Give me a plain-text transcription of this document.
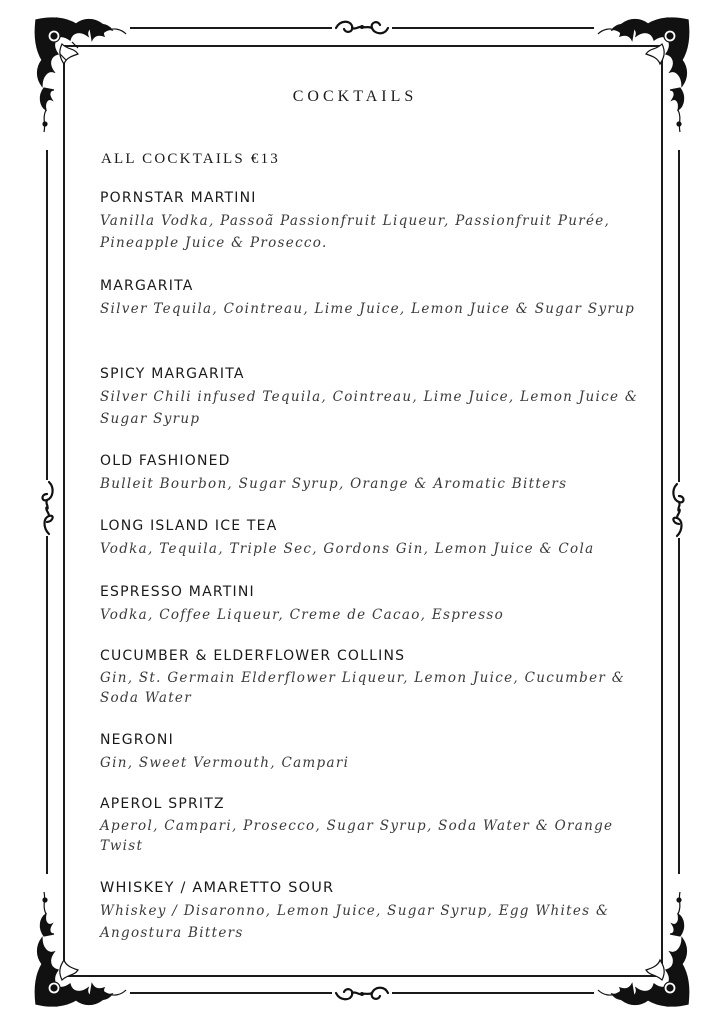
COCKTAILS
ALL COCKTAILS €13
PORNSTAR MARTINI
Vanilla Vodka, Passoã Passionfruit Liqueur, Passionfruit Purée, Pineapple Juice & Prosecco.
MARGARITA
Silver Tequila, Cointreau, Lime Juice, Lemon Juice & Sugar Syrup
SPICY MARGARITA
Silver Chili infused Tequila, Cointreau, Lime Juice, Lemon Juice & Sugar Syrup
OLD FASHIONED
Bulleit Bourbon, Sugar Syrup, Orange & Aromatic Bitters
LONG ISLAND ICE TEA
Vodka, Tequila, Triple Sec, Gordons Gin, Lemon Juice & Cola
ESPRESSO MARTINI
Vodka, Coffee Liqueur, Creme de Cacao, Espresso
CUCUMBER & ELDERFLOWER COLLINS
Gin, St. Germain Elderflower Liqueur, Lemon Juice, Cucumber & Soda Water
NEGRONI
Gin, Sweet Vermouth, Campari
APEROL SPRITZ
Aperol, Campari, Prosecco, Sugar Syrup, Soda Water & Orange Twist
WHISKEY / AMARETTO SOUR
Whiskey / Disaronno, Lemon Juice, Sugar Syrup, Egg Whites & Angostura Bitters
